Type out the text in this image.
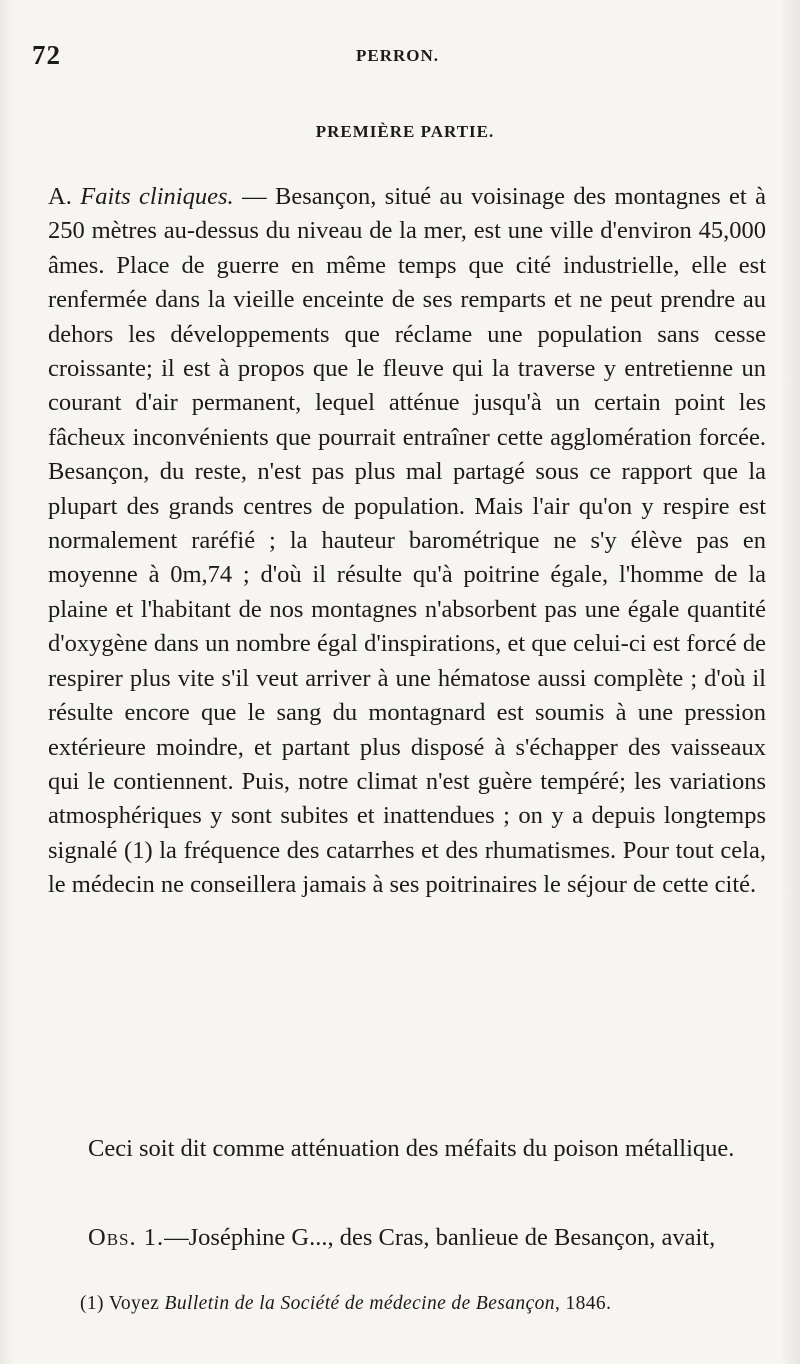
72	PERRON.
PREMIÈRE PARTIE.
A. Faits cliniques. — Besançon, situé au voisinage des montagnes et à 250 mètres au-dessus du niveau de la mer, est une ville d'environ 45,000 âmes. Place de guerre en même temps que cité industrielle, elle est renfermée dans la vieille enceinte de ses remparts et ne peut prendre au dehors les développements que réclame une population sans cesse croissante; il est à propos que le fleuve qui la traverse y entretienne un courant d'air permanent, lequel atténue jusqu'à un certain point les fâcheux inconvénients que pourrait entraîner cette agglomération forcée. Besançon, du reste, n'est pas plus mal partagé sous ce rapport que la plupart des grands centres de population. Mais l'air qu'on y respire est normalement raréfié ; la hauteur barométrique ne s'y élève pas en moyenne à 0m,74 ; d'où il résulte qu'à poitrine égale, l'homme de la plaine et l'habitant de nos montagnes n'absorbent pas une égale quantité d'oxygène dans un nombre égal d'inspirations, et que celui-ci est forcé de respirer plus vite s'il veut arriver à une hématose aussi complète ; d'où il résulte encore que le sang du montagnard est soumis à une pression extérieure moindre, et partant plus disposé à s'échapper des vaisseaux qui le contiennent. Puis, notre climat n'est guère tempéré; les variations atmosphériques y sont subites et inattendues ; on y a depuis longtemps signalé (1) la fréquence des catarrhes et des rhumatismes. Pour tout cela, le médecin ne conseillera jamais à ses poitrinaires le séjour de cette cité.
Ceci soit dit comme atténuation des méfaits du poison métallique.
Obs. 1.—Joséphine G..., des Cras, banlieue de Besançon, avait,
(1) Voyez Bulletin de la Société de médecine de Besançon, 1846.
